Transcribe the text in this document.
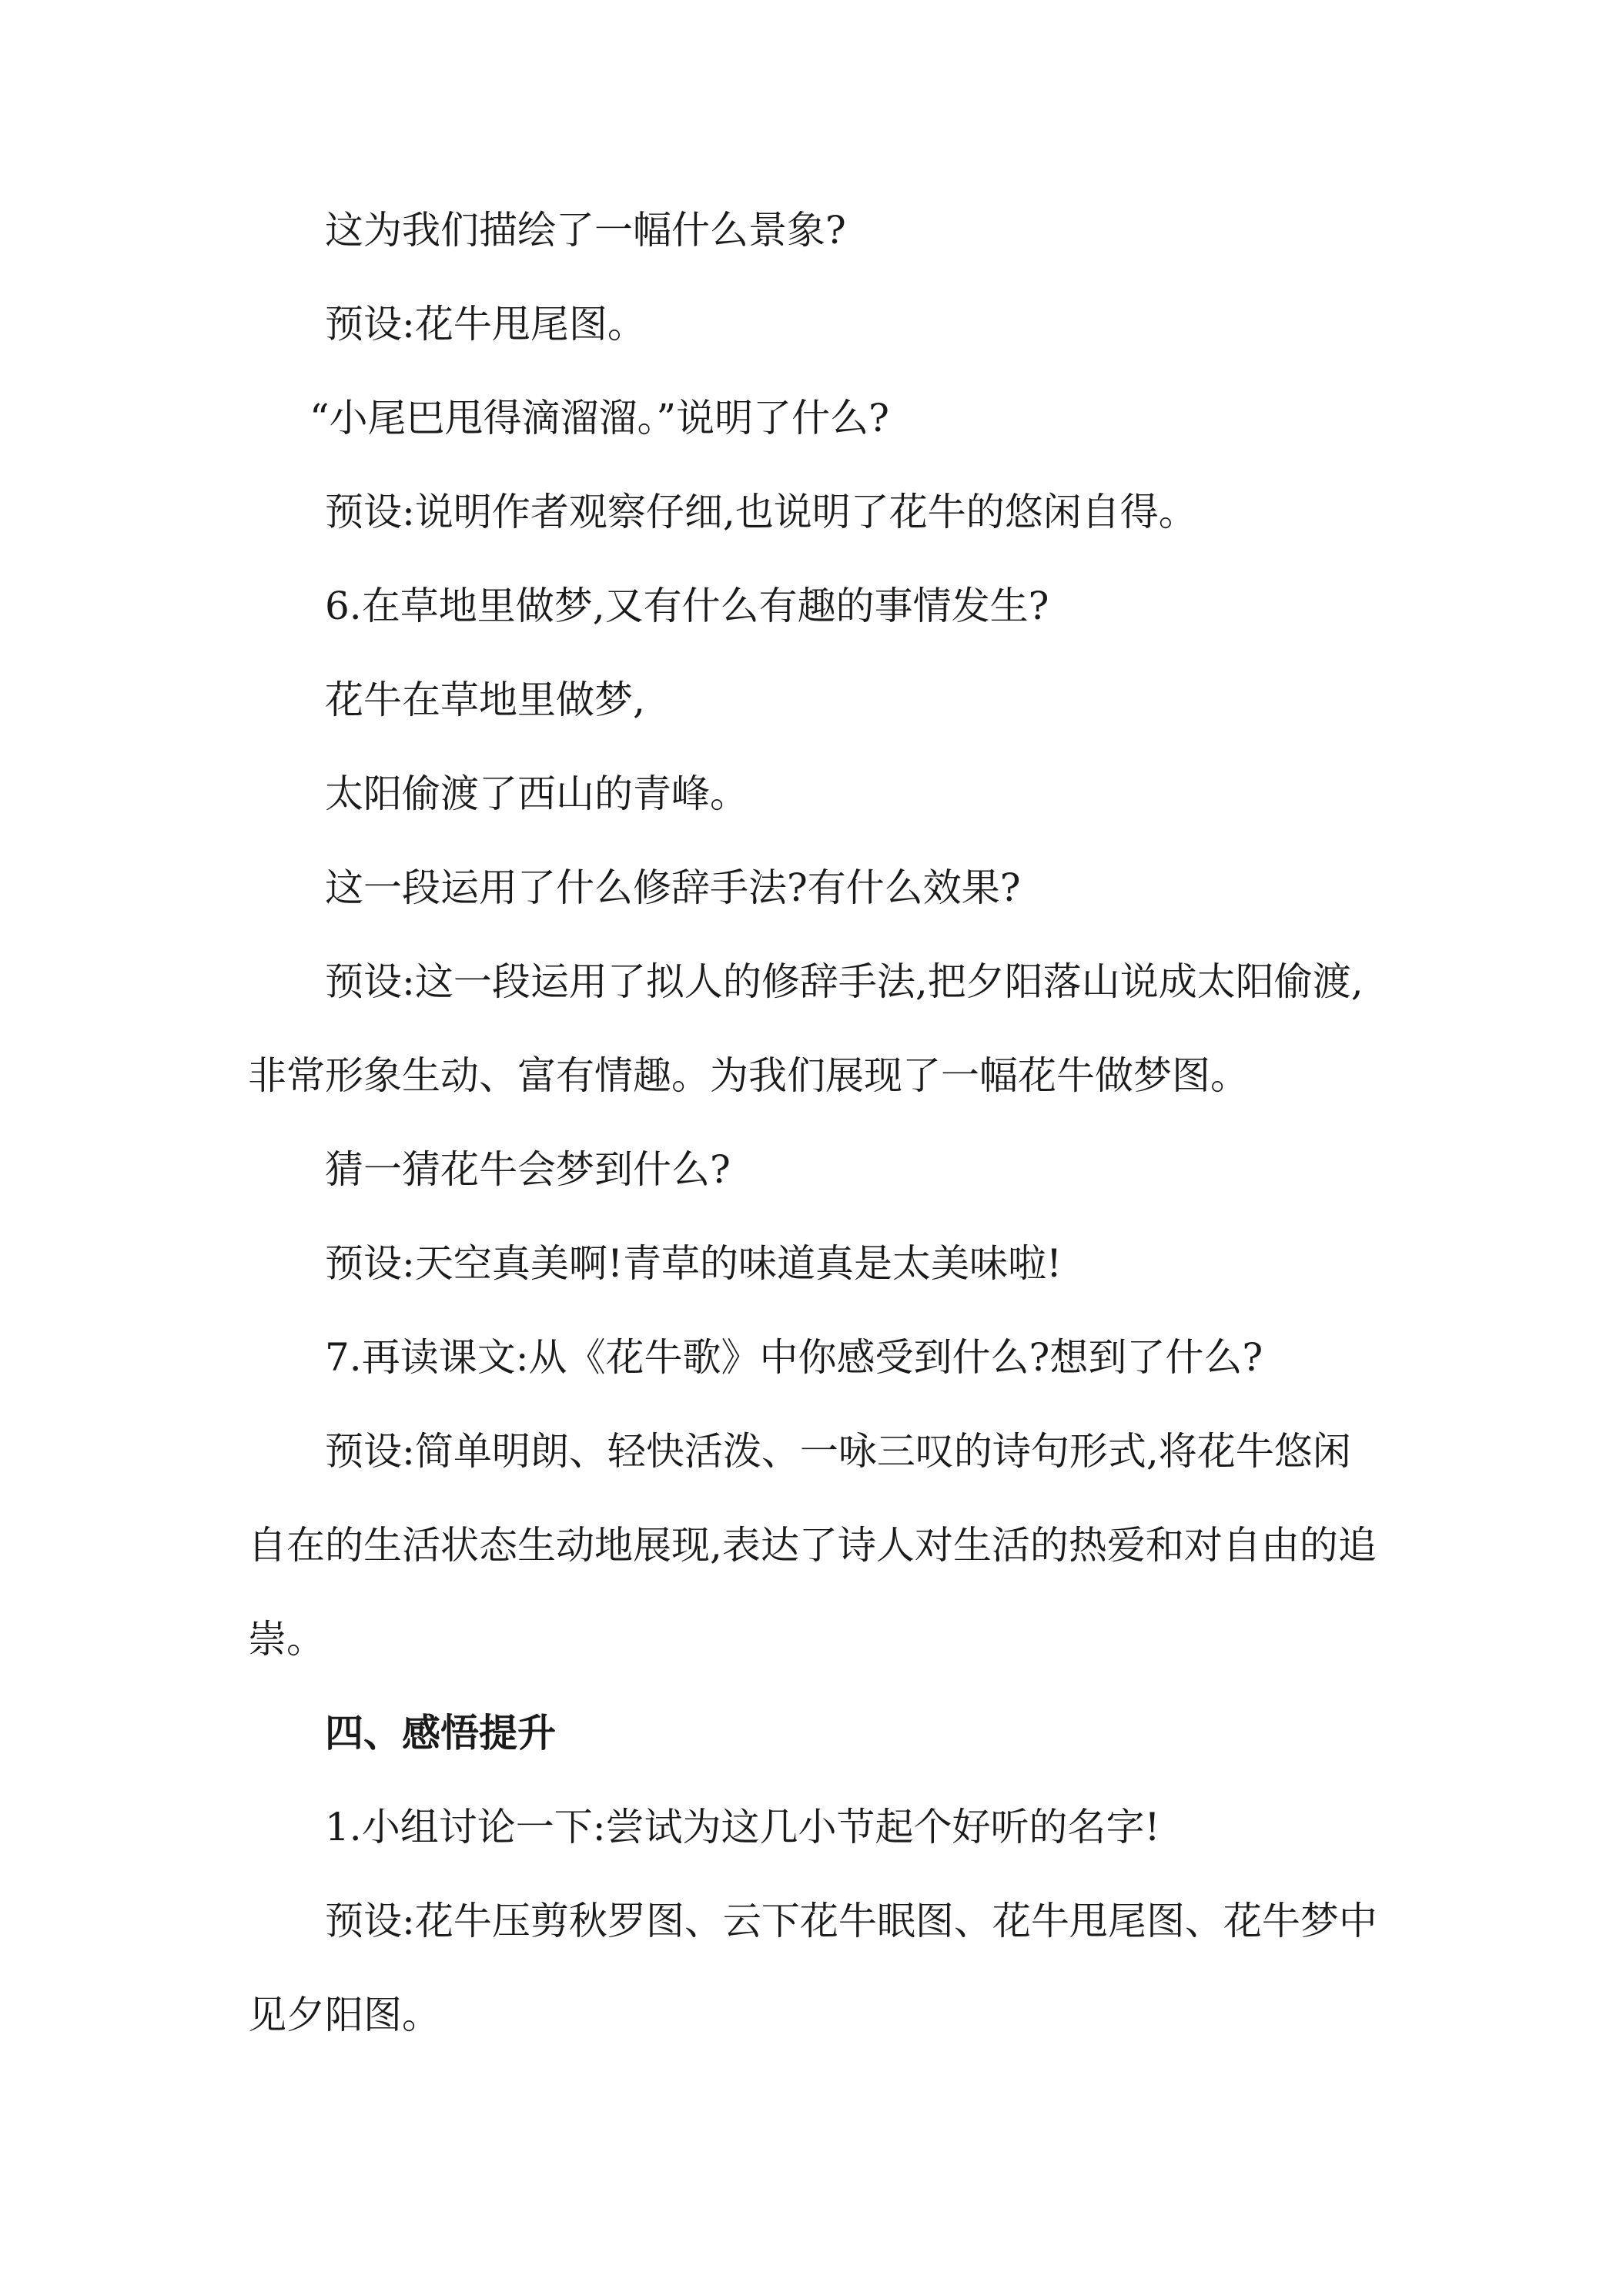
这为我们描绘了一幅什么景象?

预设:花牛甩尾图。

“小尾巴甩得滴溜溜。”说明了什么?

预设:说明作者观察仔细,也说明了花牛的悠闲自得。

6.在草地里做梦,又有什么有趣的事情发生?

花牛在草地里做梦,

太阳偷渡了西山的青峰。

这一段运用了什么修辞手法?有什么效果?

预设:这一段运用了拟人的修辞手法,把夕阳落山说成太阳偷渡,非常形象生动、富有情趣。为我们展现了一幅花牛做梦图。

猜一猜花牛会梦到什么?

预设:天空真美啊!青草的味道真是太美味啦!

7.再读课文:从《花牛歌》中你感受到什么?想到了什么?

预设:简单明朗、轻快活泼、一咏三叹的诗句形式,将花牛悠闲自在的生活状态生动地展现,表达了诗人对生活的热爱和对自由的追崇。

四、感悟提升

1.小组讨论一下:尝试为这几小节起个好听的名字!

预设:花牛压剪秋罗图、云下花牛眠图、花牛甩尾图、花牛梦中见夕阳图。
